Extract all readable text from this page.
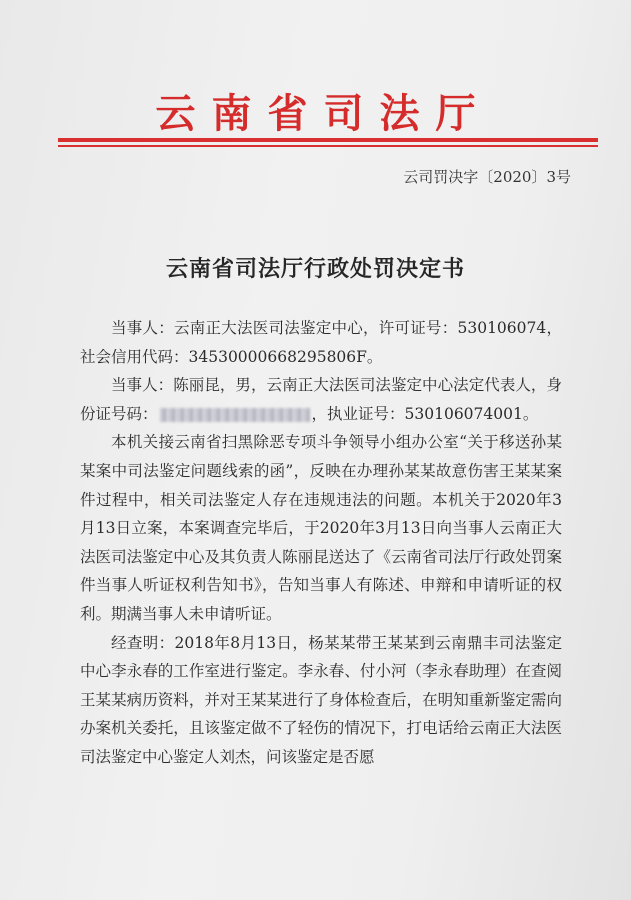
云南省司法厅
云司罚决字〔2020〕3号
云南省司法厅行政处罚决定书

当事人：云南正大法医司法鉴定中心，许可证号：530106074，社会信用代码：34530000668295806F。

当事人：陈丽昆，男，云南正大法医司法鉴定中心法定代表人，身份证号码：	，执业证号：530106074001。

本机关接云南省扫黑除恶专项斗争领导小组办公室“关于移送孙某某案中司法鉴定问题线索的函”，反映在办理孙某某故意伤害王某某案件过程中，相关司法鉴定人存在违规违法的问题。本机关于2020年3月13日立案，本案调查完毕后，于2020年3月13日向当事人云南正大法医司法鉴定中心及其负责人陈丽昆送达了《云南省司法厅行政处罚案件当事人听证权利告知书》，告知当事人有陈述、申辩和申请听证的权利。期满当事人未申请听证。

经查明：2018年8月13日，杨某某带王某某到云南鼎丰司法鉴定中心李永春的工作室进行鉴定。李永春、付小河（李永春助理）在查阅王某某病历资料，并对王某某进行了身体检查后，在明知重新鉴定需向办案机关委托，且该鉴定做不了轻伤的情况下，打电话给云南正大法医司法鉴定中心鉴定人刘杰，问该鉴定是否愿
